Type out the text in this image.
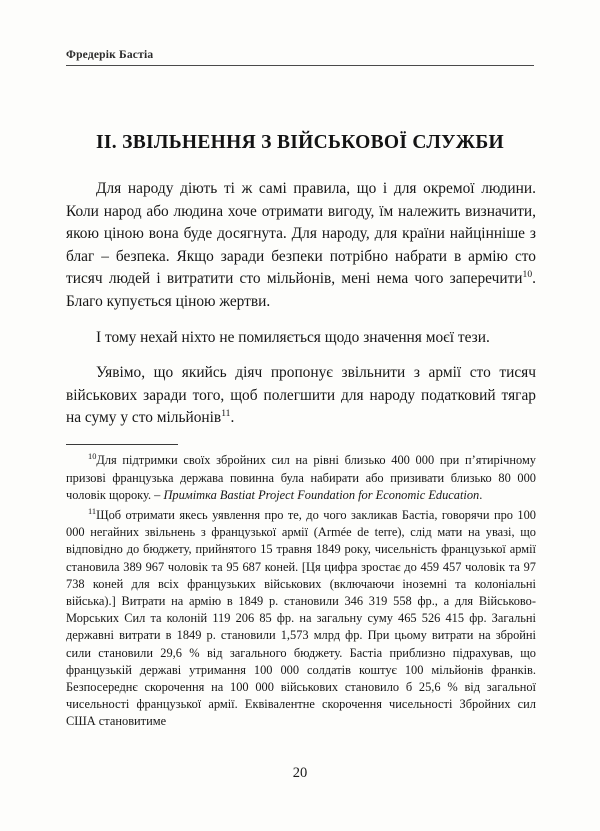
Фредерік Бастіа
II. ЗВІЛЬНЕННЯ З ВІЙСЬКОВОЇ СЛУЖБИ

Для народу діють ті ж самі правила, що і для окремої людини. Коли народ або людина хоче отримати вигоду, їм належить визначити, якою ціною вона буде досягнута. Для народу, для країни найцінніше з благ – безпека. Якщо заради безпеки потрібно набрати в армію сто тисяч людей і витратити сто мільйонів, мені нема чого заперечити$^{10}$. Благо купується ціною жертви.

І тому нехай ніхто не помиляється щодо значення моєї тези.

Уявімо, що якийсь діяч пропонує звільнити з армії сто тисяч військових заради того, щоб полегшити для народу податковий тягар на суму у сто мільйонів$^{11}$.

$^{10}$Для підтримки своїх збройних сил на рівні близько 400 000 при п’ятирічному призові французька держава повинна була набирати або призивати близько 80 000 чоловік щороку. – Примітка Bastiat Project Foundation for Economic Education.

$^{11}$Щоб отримати якесь уявлення про те, до чого закликав Бастіа, говорячи про 100 000 негайних звільнень з французької армії (Armée de terre), слід мати на увазі, що відповідно до бюджету, прийнятого 15 травня 1849 року, чисельність французької армії становила 389 967 чоловік та 95 687 коней. [Ця цифра зростає до 459 457 чоловік та 97 738 коней для всіх французьких військових (включаючи іноземні та колоніальні війська).] Витрати на армію в 1849 р. становили 346 319 558 фр., а для Військово-Морських Сил та колоній 119 206 85 фр. на загальну суму 465 526 415 фр. Загальні державні витрати в 1849 р. становили 1,573 млрд фр. При цьому витрати на збройні сили становили 29,6 % від загального бюджету. Бастіа приблизно підрахував, що французькій державі утримання 100 000 солдатів коштує 100 мільйонів франків. Безпосереднє скорочення на 100 000 військових становило б 25,6 % від загальної чисельності французької армії. Еквівалентне скорочення чисельності Збройних сил США становитиме

20
